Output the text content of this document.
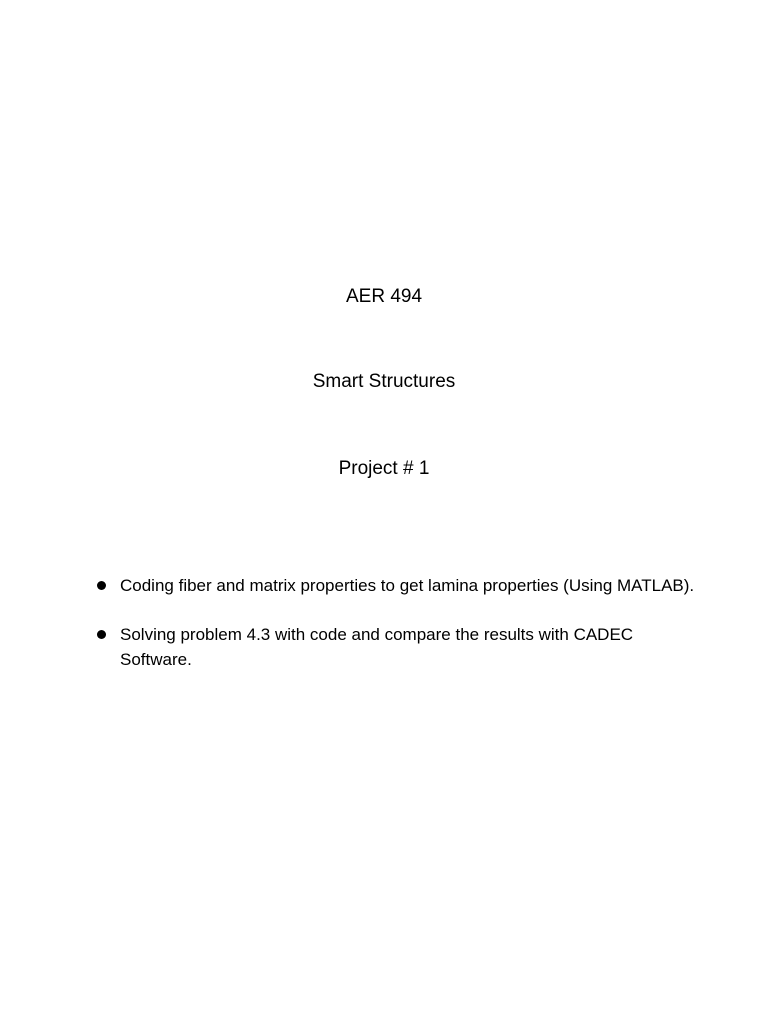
AER 494
Smart Structures
Project # 1
Coding fiber and matrix properties to get lamina properties (Using MATLAB).
Solving problem 4.3 with code and compare the results with CADEC Software.
